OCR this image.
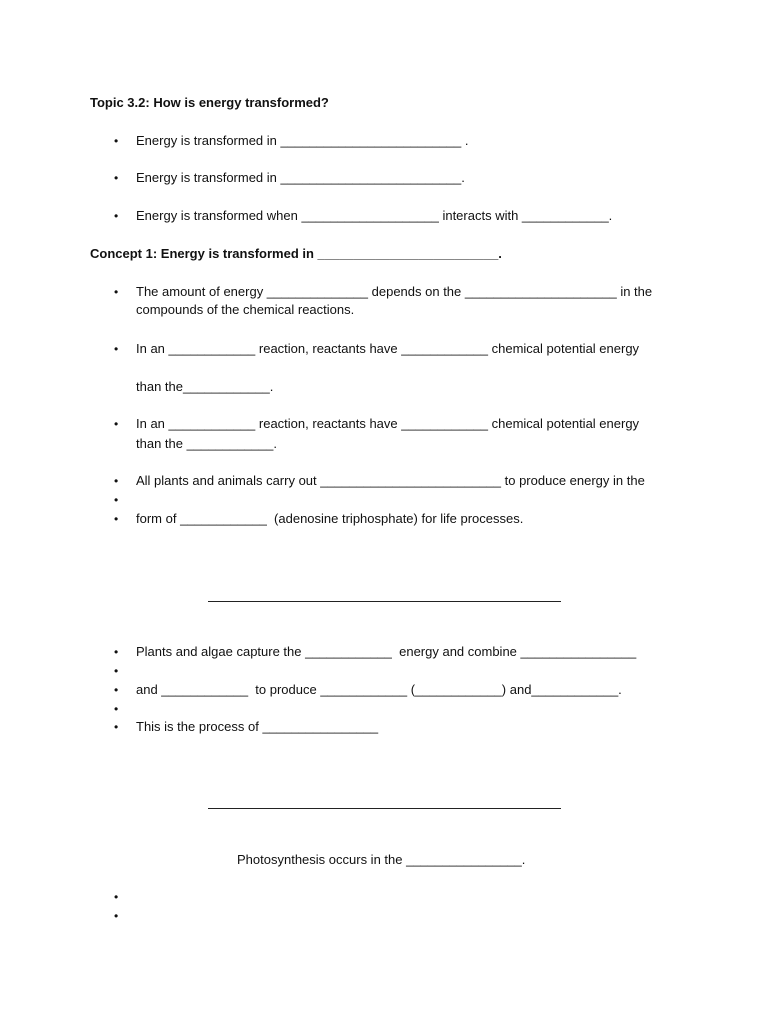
Topic 3.2: How is energy transformed?
• Energy is transformed in _________________________ .
• Energy is transformed in _________________________.
• Energy is transformed when ___________________ interacts with ____________.
Concept 1: Energy is transformed in _________________________.
• The amount of energy ______________ depends on the _____________________ in the
compounds of the chemical reactions.
• In an ____________ reaction, reactants have ____________ chemical potential energy
than the____________.
• In an ____________ reaction, reactants have ____________ chemical potential energy
than the ____________.
• All plants and animals carry out _________________________ to produce energy in the
•
• form of ____________  (adenosine triphosphate) for life processes.
• Plants and algae capture the ____________  energy and combine ________________
•
• and ____________  to produce ____________ (____________) and____________.
•
• This is the process of ________________
Photosynthesis occurs in the ________________.
•
•
